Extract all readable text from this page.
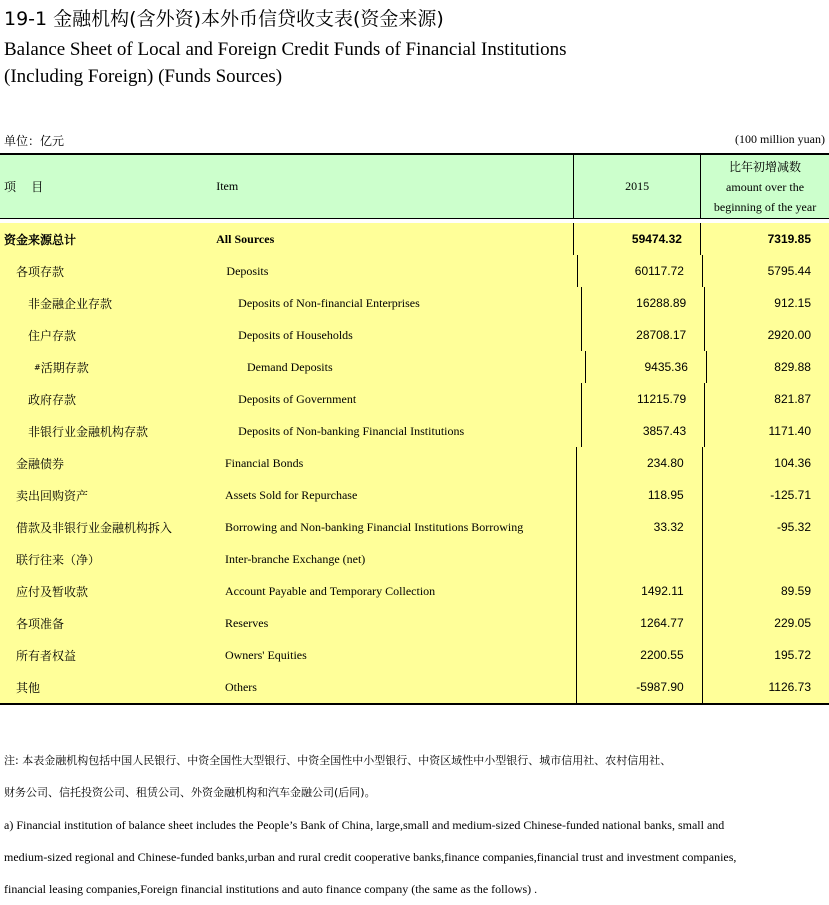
19-1 金融机构(含外资)本外币信贷收支表(资金来源)
Balance Sheet of Local and Foreign Credit Funds of Financial Institutions
(Including Foreign) (Funds Sources)
单位：亿元	(100 million yuan)
项    目	Item	2015
比年初增减数
amount over the
beginning of the year
资金来源总计	All Sources	59474.32	7319.85
各项存款	Deposits	60117.72	5795.44
非金融企业存款	Deposits of Non-financial Enterprises	16288.89	912.15
住户存款	Deposits of Households	28708.17	2920.00
# 活期存款	Demand Deposits	9435.36	829.88
政府存款	Deposits of Government	11215.79	821.87
非银行业金融机构存款	Deposits of Non-banking Financial Institutions	3857.43	1171.40
金融债券	Financial Bonds	234.80	104.36
卖出回购资产	Assets Sold for Repurchase	118.95	-125.71
借款及非银行业金融机构拆入	Borrowing and Non-banking Financial Institutions Borrowing	33.32	-95.32
联行往来（净）	Inter-branche Exchange (net)
应付及暂收款	Account Payable and Temporary Collection	1492.11	89.59
各项准备	Reserves	1264.77	229.05
所有者权益	Owners' Equities	2200.55	195.72
其他	Others	-5987.90	1126.73
注: 本表金融机构包括中国人民银行、中资全国性大型银行、中资全国性中小型银行、中资区域性中小型银行、城市信用社、农村信用社、
财务公司、信托投资公司、租赁公司、外资金融机构和汽车金融公司(后同)。
a) Financial institution of balance sheet includes the People’s Bank of China, large,small and medium-sized Chinese-funded national banks, small and
medium-sized regional and Chinese-funded banks,urban and rural credit cooperative banks,finance companies,financial trust and investment companies,
financial leasing companies,Foreign financial institutions and auto finance company (the same as the follows) .
